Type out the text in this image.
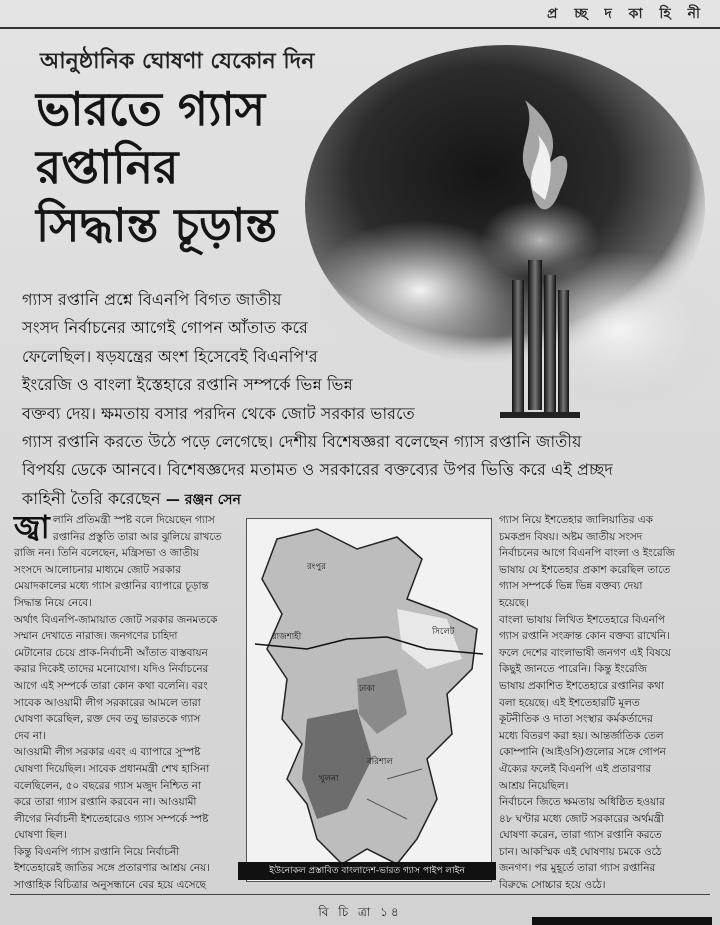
প্র চ্ছ দ কা হি নী
আনুষ্ঠানিক ঘোষণা যেকোন দিন
ভারতে গ্যাস
রপ্তানির
সিদ্ধান্ত চূড়ান্ত

গ্যাস রপ্তানি প্রশ্নে বিএনপি বিগত জাতীয়
সংসদ নির্বাচনের আগেই গোপন আঁতাত করে
ফেলেছিল। ষড়যন্ত্রের অংশ হিসেবেই বিএনপি'র
ইংরেজি ও বাংলা ইস্তেহারে রপ্তানি সম্পর্কে ভিন্ন ভিন্ন
বক্তব্য দেয়। ক্ষমতায় বসার পরদিন থেকে জোট সরকার ভারতে
গ্যাস রপ্তানি করতে উঠে পড়ে লেগেছে। দেশীয় বিশেষজ্ঞরা বলেছেন গ্যাস রপ্তানি জাতীয়
বিপর্যয় ডেকে আনবে। বিশেষজ্ঞদের মতামত ও সরকারের বক্তব্যের উপর ভিত্তি করে এই প্রচ্ছদ
কাহিনী তৈরি করেছেন — রঞ্জন সেন

জ্বা লানি প্রতিমন্ত্রী স্পষ্ট বলে দিয়েছেন গ্যাস
রপ্তানির প্রস্তুতি তারা আর ঝুলিয়ে রাখতে
রাজি নন। তিনি বলেছেন, মন্ত্রিসভা ও জাতীয়
সংসদে আলোচনার মাধ্যমে জোট সরকার
মেয়াদকালের মধ্যে গ্যাস রপ্তানির ব্যাপারে চূড়ান্ত
সিদ্ধান্ত নিয়ে নেবে।
অর্থাৎ বিএনপি-জামায়াত জোট সরকার জনমতকে
সম্মান দেখাতে নারাজ। জনগণের চাহিদা
মেটানোর চেয়ে প্রাক-নির্বাচনী আঁতাত বাস্তবায়ন
করার দিকেই তাদের মনোযোগ। যদিও নির্বাচনের
আগে এই সম্পর্কে তারা কোন কথা বলেনি। বরং
সাবেক আওয়ামী লীগ সরকারের আমলে তারা
ঘোষণা করেছিল, রক্ত দেব তবু ভারতকে গ্যাস
দেব না।
আওয়ামী লীগ সরকার এবং এ ব্যাপারে সুস্পষ্ট
ঘোষণা দিয়েছিল। সাবেক প্রধানমন্ত্রী শেখ হাসিনা
বলেছিলেন, ৫০ বছরের গ্যাস মজুদ নিশ্চিত না
করে তারা গ্যাস রপ্তানি করবেন না। আওয়ামী
লীগের নির্বাচনী ইশতেহারেও গ্যাস সম্পর্কে স্পষ্ট
ঘোষণা ছিল।
কিন্তু বিএনপি গ্যাস রপ্তানি নিয়ে নির্বাচনী
ইশতেহারেই জাতির সঙ্গে প্রতারণার আশ্রয় নেয়।
সাপ্তাহিক বিচিত্রার অনুসন্ধানে বের হয়ে এসেছে
রংপুর
রাজশাহী	সিলেট
ঢাকা
খুলনা
বরিশাল
ইউনোকল প্রস্তাবিত বাংলাদেশ-ভারত গ্যাস পাইপ লাইন
গ্যাস নিয়ে ইশতেহার জালিয়াতির এক
চমকপ্রদ বিষয়। অষ্টম জাতীয় সংসদ
নির্বাচনের আগে বিএনপি বাংলা ও ইংরেজি
ভাষায় যে ইশতেহার প্রকাশ করেছিল তাতে
গ্যাস সম্পর্কে ভিন্ন ভিন্ন বক্তব্য দেয়া
হয়েছে।
বাংলা ভাষায় লিখিত ইশতেহারে বিএনপি
গ্যাস রপ্তানি সংক্রান্ত কোন বক্তব্য রাখেনি।
ফলে দেশের বাংলাভাষী জনগণ এই বিষয়ে
কিছুই জানতে পারেনি। কিন্তু ইংরেজি
ভাষায় প্রকাশিত ইশতেহারে রপ্তানির কথা
বলা হয়েছে। এই ইশতেহারটি মূলত
কূটনীতিক ও দাতা সংস্থার কর্মকর্তাদের
মধ্যে বিতরণ করা হয়। আন্তর্জাতিক তেল
কোম্পানি (আইওসি)গুলোর সঙ্গে গোপন
ঐক্যের ফলেই বিএনপি এই প্রতারণার
আশ্রয় নিয়েছিল।
নির্বাচনে জিতে ক্ষমতায় অধিষ্ঠিত হওয়ার
৪৮ ঘণ্টার মধ্যে জোট সরকারের অর্থমন্ত্রী
ঘোষণা করেন, তারা গ্যাস রপ্তানি করতে
চান। আকস্মিক এই ঘোষণায় চমকে ওঠে
জনগণ। পর মুহূর্তে তারা গ্যাস রপ্তানির
বিরুদ্ধে সোচ্চার হয়ে ওঠে।
বি চি ত্রা ১৪
